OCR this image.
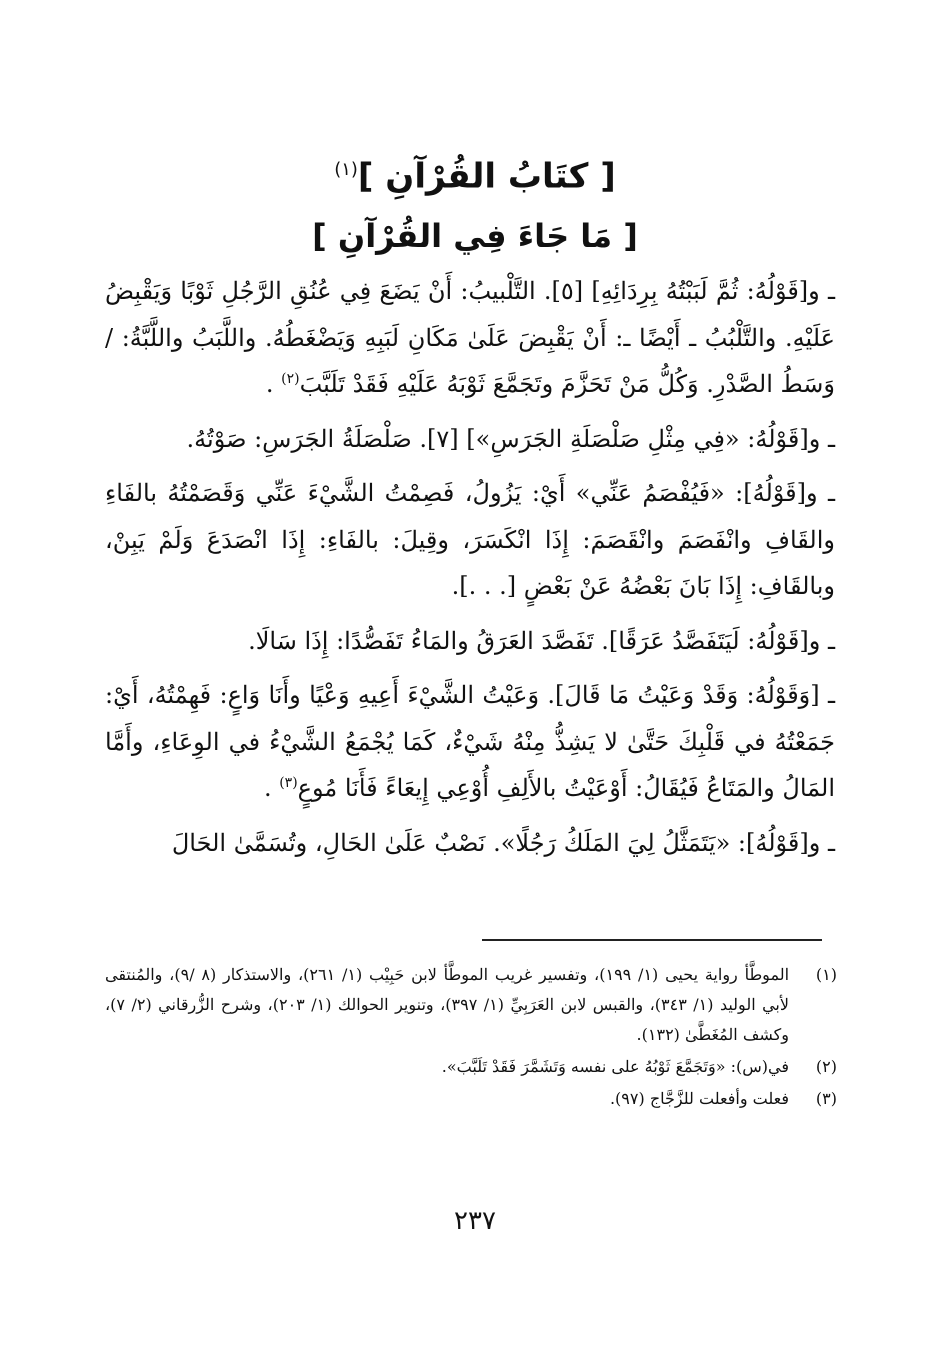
[ كتَابُ القُرْآنِ ]$^{(١)}$

[ مَا جَاءَ فِي القُرْآنِ ]

ـ و[قَوْلُهُ: ثُمَّ لَبَبْتُهُ بِرِدَائِهِ] [٥]. التَّلْبيبُ: أَنْ يَضَعَ فِي عُنُقِ الرَّجُلِ ثَوْبًا وَيَقْبِضُ عَلَيْهِ. والتَّلْبُبُ ـ أَيْضًا ـ: أَنْ يَقْبِضَ عَلَىٰ مَكَانِ لَبَبِهِ وَيَضْغَطُهُ. واللَّبَبُ واللَّبَّةُ: / وَسَطُ الصَّدْرِ. وَكُلُّ مَنْ تَحَزَّمَ وتَجَمَّعَ ثَوْبَهُ عَلَيْهِ فَقَدْ تَلَبَّبَ$^{(٢)}$ .

ـ و[قَوْلُهُ: «فِي مِثْلِ صَلْصَلَةِ الجَرَسِ»] [٧]. صَلْصَلَةُ الجَرَسِ: صَوْتُهُ.

ـ و[قَوْلُهُ]: «فَيُفْصَمُ عَنِّي» أَيْ: يَزُولُ، فَصِمْتُ الشَّيْءَ عَنِّي وَقَصَمْتُهُ بالفَاءِ والقَافِ وانْفَصَمَ وانْقَصَمَ: إِذَا انْكَسَرَ، وقِيلَ: بالفَاءِ: إِذَا انْصَدَعَ وَلَمْ يَبِنْ، وبالقَافِ: إِذَا بَانَ بَعْضُهُ عَنْ بَعْضٍ [. . .].

ـ و[قَوْلُهُ: لَيَتَفَصَّدُ عَرَقًا]. تَفَصَّدَ العَرَقُ والمَاءُ تَفَصُّدًا: إِذَا سَالَا.

ـ [وَقَوْلُهُ: وَقَدْ وَعَيْتُ مَا قَالَ]. وَعَيْتُ الشَّيْءَ أَعِيهِ وَعْيًا وأَنَا وَاعٍ: فَهِمْتُهُ، أَيْ: جَمَعْتُهُ في قَلْبِكَ حَتَّىٰ لا يَشِذُّ مِنْهُ شَيْءٌ، كَمَا يُجْمَعُ الشَّيْءُ في الوِعَاءِ، وأَمَّا المَالُ والمَتَاعُ فَيُقَالُ: أَوْعَيْتُ بالأَلِفِ أُوْعِي إِيعَاءً فَأَنَا مُوعٍ$^{(٣)}$ .

ـ و[قَوْلُهُ]: «يَتَمَثَّلُ لِيَ المَلَكُ رَجُلًا». نَصْبٌ عَلَىٰ الحَالِ، وتُسَمَّىٰ الحَالَ

(١)
الموطَّأ رواية يحيى (١/ ١٩٩)، وتفسير غريب الموطَّأ لابن حَبِيْب (١/ ٢٦١)، والاستذكار (٨ /٩)، والمُنتقى لأبي الوليد (١/ ٣٤٣)، والقبس لابن العَرَبِيِّ (١/ ٣٩٧)، وتنوير الحوالك (١/ ٢٠٣)، وشرح الزُّرقاني (٢/ ٧)، وكشف المُغَطَّىٰ (١٣٢).
(٢)
في(س): «وَتَجَمَّعَ ثَوْبُهُ على نفسه وَتَشَمَّرَ فَقَدْ تَلَبَّبَ».
(٣)
فعلت وأفعلت للزَّجَّاج (٩٧).
٢٣٧
